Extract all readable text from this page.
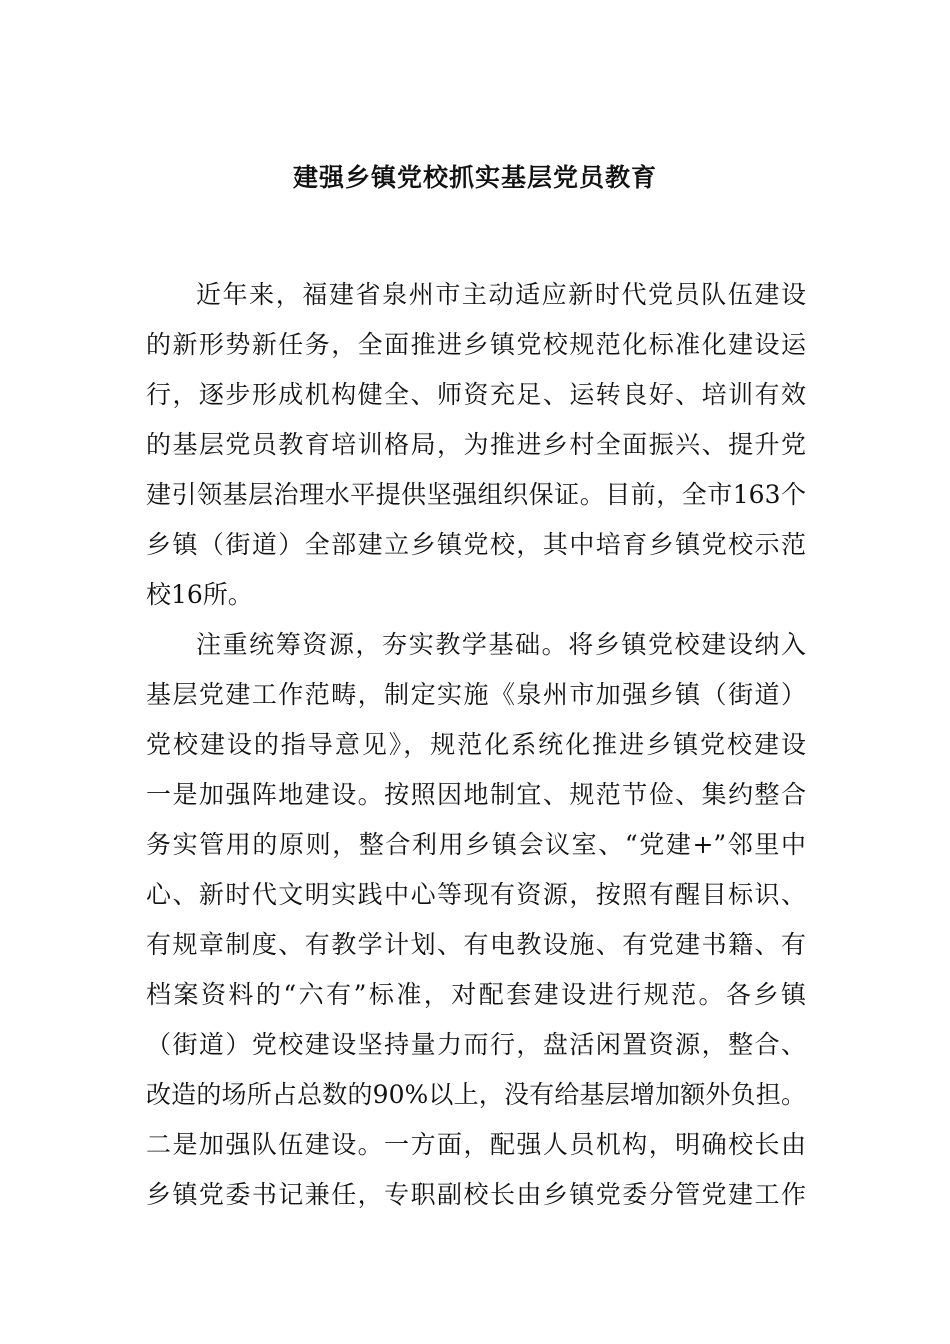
建强乡镇党校抓实基层党员教育

近年来，福建省泉州市主动适应新时代党员队伍建设

的新形势新任务，全面推进乡镇党校规范化标准化建设运

行，逐步形成机构健全、师资充足、运转良好、培训有效

的基层党员教育培训格局，为推进乡村全面振兴、提升党

建引领基层治理水平提供坚强组织保证。目前，全市163个

乡镇（街道）全部建立乡镇党校，其中培育乡镇党校示范

校16所。

注重统筹资源，夯实教学基础。将乡镇党校建设纳入

基层党建工作范畴，制定实施《泉州市加强乡镇（街道）

党校建设的指导意见》，规范化系统化推进乡镇党校建设

一是加强阵地建设。按照因地制宜、规范节俭、集约整合

务实管用的原则，整合利用乡镇会议室、“党建+”邻里中

心、新时代文明实践中心等现有资源，按照有醒目标识、

有规章制度、有教学计划、有电教设施、有党建书籍、有

档案资料的“六有”标准，对配套建设进行规范。各乡镇

（街道）党校建设坚持量力而行，盘活闲置资源，整合、

改造的场所占总数的90%以上，没有给基层增加额外负担。

二是加强队伍建设。一方面，配强人员机构，明确校长由

乡镇党委书记兼任，专职副校长由乡镇党委分管党建工作
